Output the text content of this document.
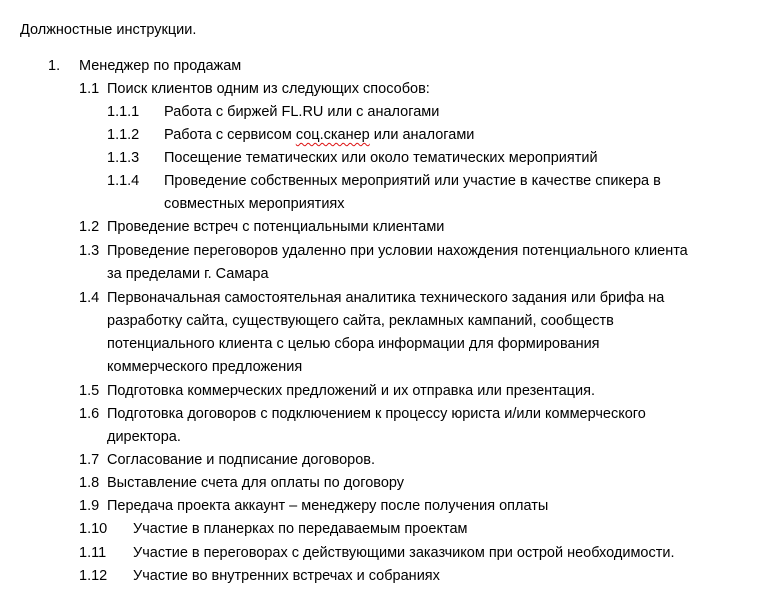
Должностные инструкции.
1. Менеджер по продажам
1.1 Поиск клиентов одним из следующих способов:
1.1.1 Работа с биржей FL.RU или с аналогами
1.1.2 Работа с сервисом соц.сканер или аналогами
1.1.3 Посещение тематических или около тематических мероприятий
1.1.4 Проведение собственных мероприятий или участие в качестве спикера в
совместных мероприятиях
1.2 Проведение встреч с потенциальными клиентами
1.3 Проведение переговоров удаленно при условии нахождения потенциального клиента
за пределами г. Самара
1.4 Первоначальная самостоятельная аналитика технического задания или брифа на
разработку сайта, существующего сайта, рекламных кампаний, сообществ
потенциального клиента с целью сбора информации для формирования
коммерческого предложения
1.5 Подготовка коммерческих предложений и их отправка или презентация.
1.6 Подготовка договоров с подключением к процессу юриста и/или коммерческого
директора.
1.7 Согласование и подписание договоров.
1.8 Выставление счета для оплаты по договору
1.9 Передача проекта аккаунт – менеджеру после получения оплаты
1.10 Участие в планерках по передаваемым проектам
1.11 Участие в переговорах с действующими заказчиком при острой необходимости.
1.12 Участие во внутренних встречах и собраниях
